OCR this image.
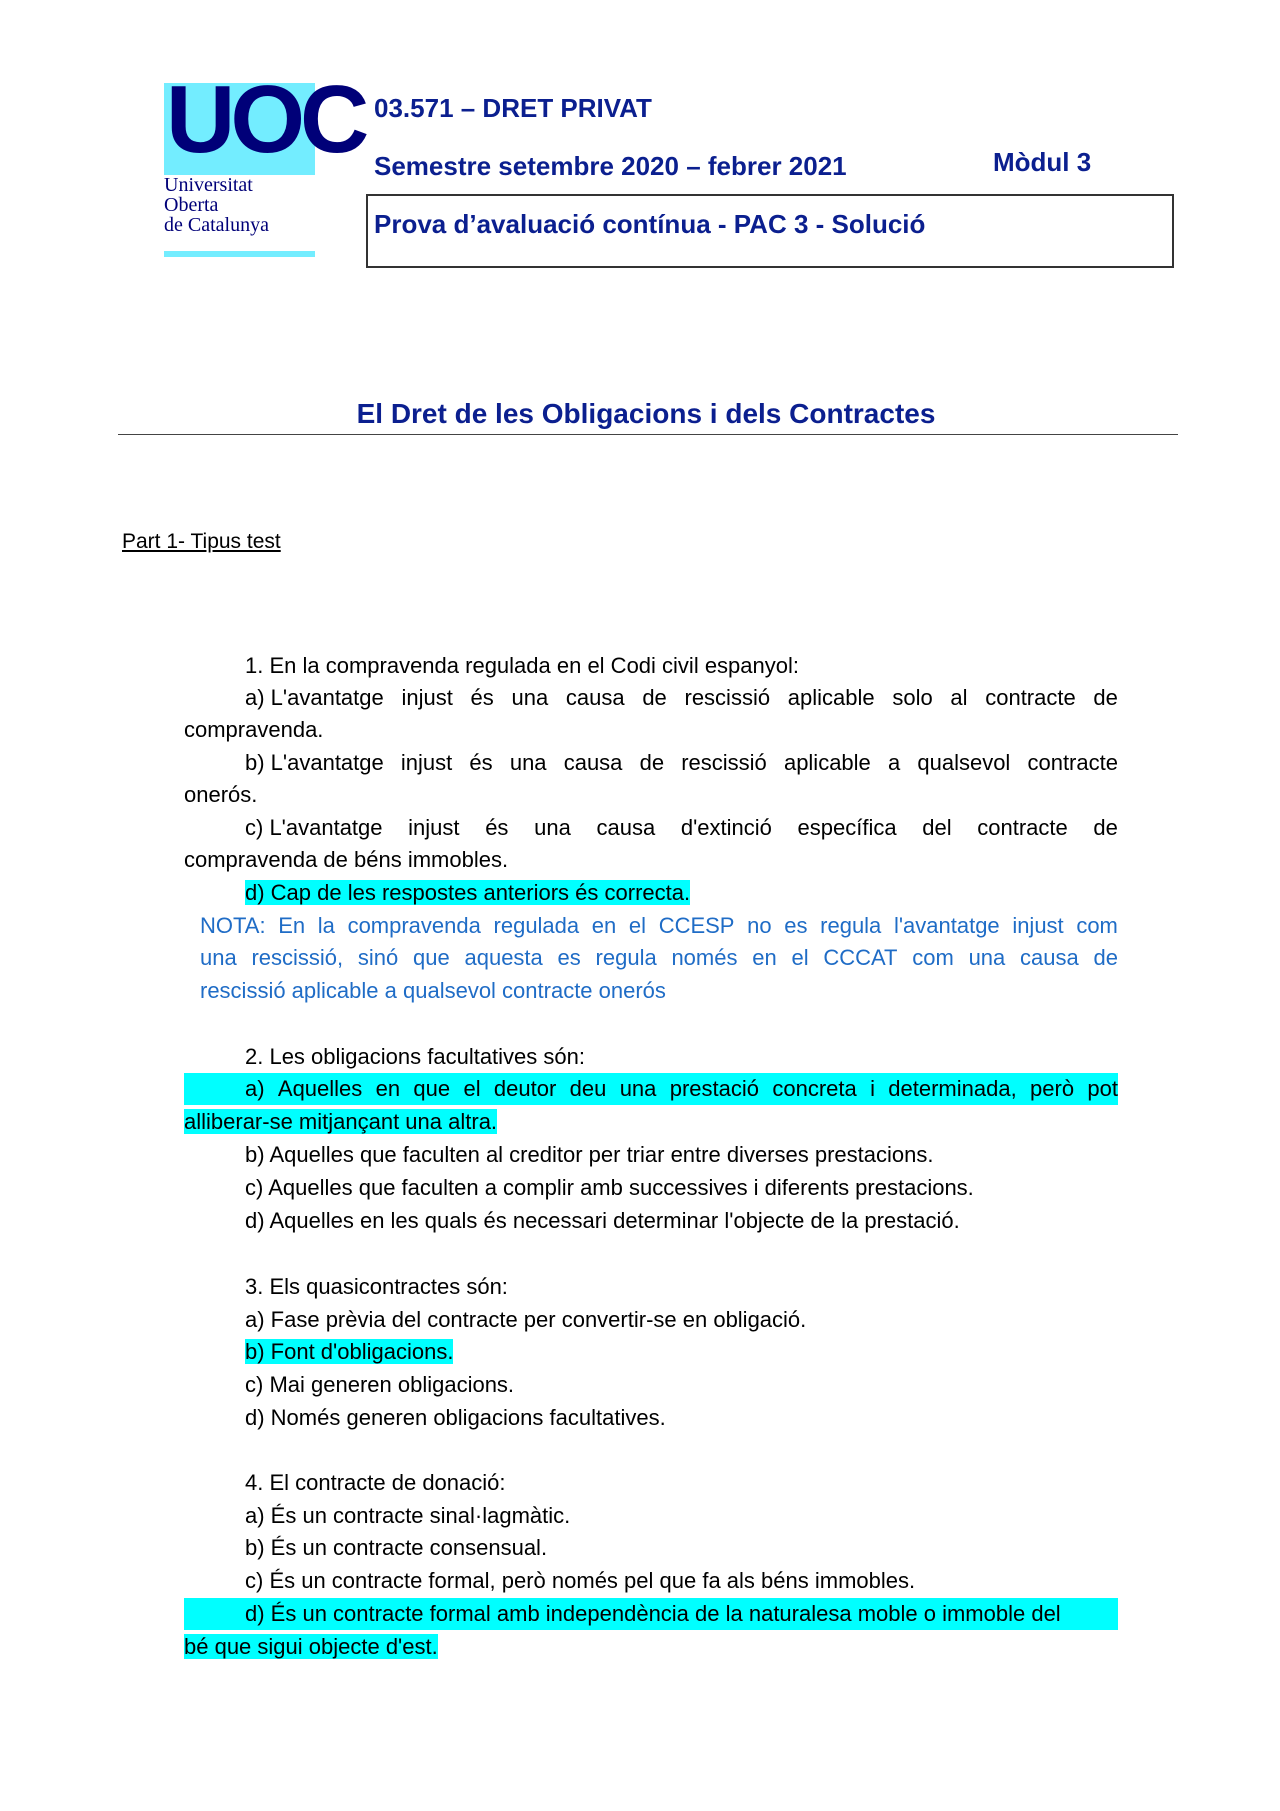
UOC
Universitat
Oberta
de Catalunya
03.571 – DRET PRIVAT
Semestre setembre 2020 – febrer 2021	Mòdul 3
Prova d’avaluació contínua - PAC 3 - Solució
El Dret de les Obligacions i dels Contractes
Part 1- Tipus test
1. En la compravenda regulada en el Codi civil espanyol:
a) L'avantatge injust és una causa de rescissió aplicable solo al contracte de
compravenda.
b) L'avantatge injust és una causa de rescissió aplicable a qualsevol contracte
onerós.
c) L'avantatge injust és una causa d'extinció específica del contracte de
compravenda de béns immobles.
d) Cap de les respostes anteriors és correcta.
NOTA: En la compravenda regulada en el CCESP no es regula l'avantatge injust com
una rescissió, sinó que aquesta es regula només en el CCCAT com una causa de
rescissió aplicable a qualsevol contracte onerós
2. Les obligacions facultatives són:
a) Aquelles en que el deutor deu una prestació concreta i determinada, però pot
alliberar-se mitjançant una altra.
b) Aquelles que faculten al creditor per triar entre diverses prestacions.
c) Aquelles que faculten a complir amb successives i diferents prestacions.
d) Aquelles en les quals és necessari determinar l'objecte de la prestació.
3. Els quasicontractes són:
a) Fase prèvia del contracte per convertir-se en obligació.
b) Font d'obligacions.
c) Mai generen obligacions.
d) Només generen obligacions facultatives.
4. El contracte de donació:
a) És un contracte sinal·lagmàtic.
b) És un contracte consensual.
c) És un contracte formal, però només pel que fa als béns immobles.
d) És un contracte formal amb independència de la naturalesa moble o immoble del
bé que sigui objecte d'est.
